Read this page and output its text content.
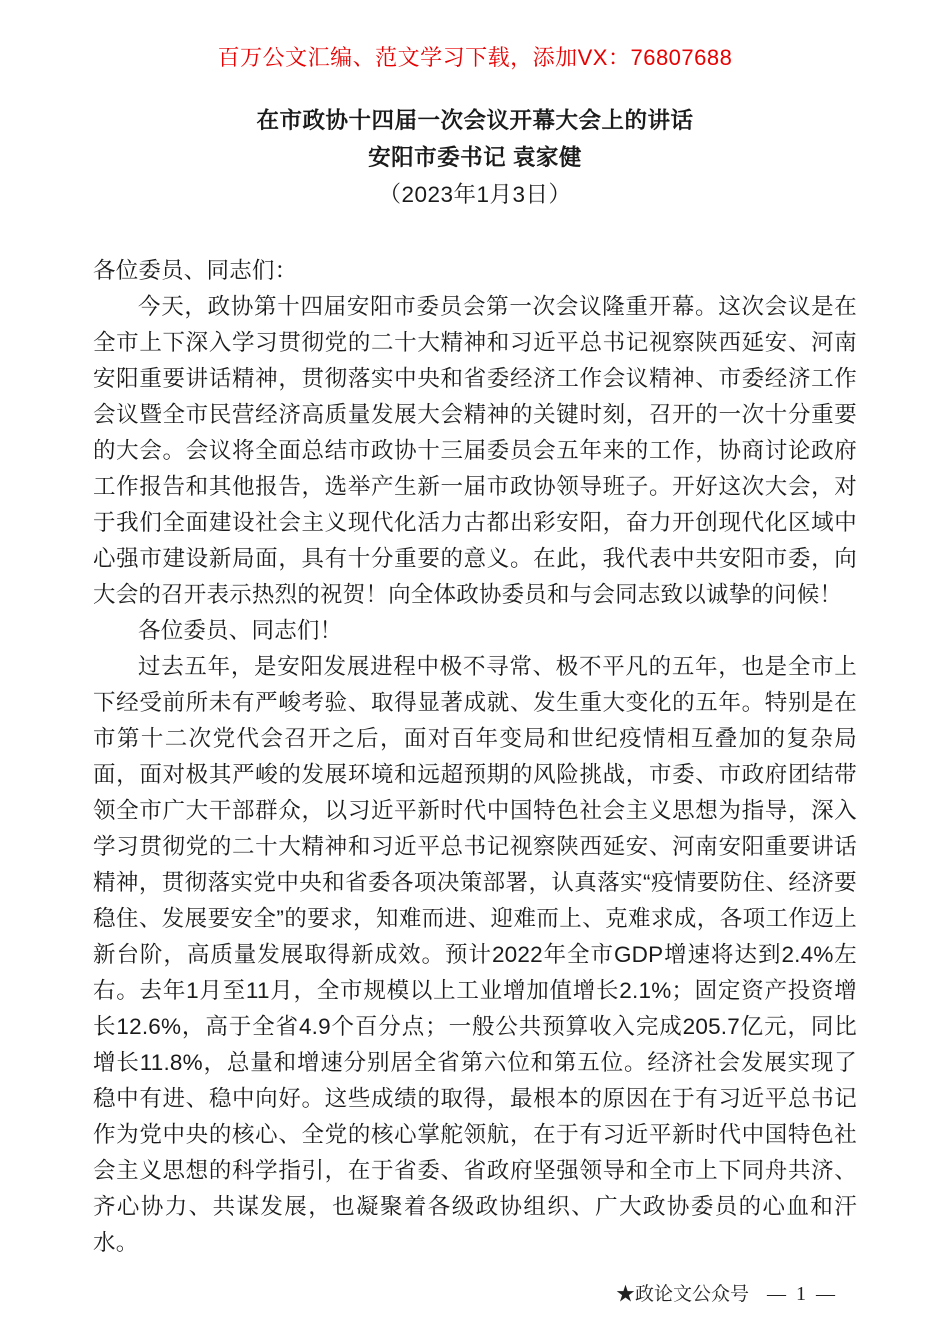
百万公文汇编、范文学习下载，添加VX：76807688
在市政协十四届一次会议开幕大会上的讲话
安阳市委书记 袁家健
（2023年1月3日）

各位委员、同志们：

今天，政协第十四届安阳市委员会第一次会议隆重开幕。这次会议是在全市上下深入学习贯彻党的二十大精神和习近平总书记视察陕西延安、河南安阳重要讲话精神，贯彻落实中央和省委经济工作会议精神、市委经济工作会议暨全市民营经济高质量发展大会精神的关键时刻，召开的一次十分重要的大会。会议将全面总结市政协十三届委员会五年来的工作，协商讨论政府工作报告和其他报告，选举产生新一届市政协领导班子。开好这次大会，对于我们全面建设社会主义现代化活力古都出彩安阳，奋力开创现代化区域中心强市建设新局面，具有十分重要的意义。在此，我代表中共安阳市委，向大会的召开表示热烈的祝贺！向全体政协委员和与会同志致以诚挚的问候！

各位委员、同志们！

过去五年，是安阳发展进程中极不寻常、极不平凡的五年，也是全市上下经受前所未有严峻考验、取得显著成就、发生重大变化的五年。特别是在市第十二次党代会召开之后，面对百年变局和世纪疫情相互叠加的复杂局面，面对极其严峻的发展环境和远超预期的风险挑战，市委、市政府团结带领全市广大干部群众，以习近平新时代中国特色社会主义思想为指导，深入学习贯彻党的二十大精神和习近平总书记视察陕西延安、河南安阳重要讲话精神，贯彻落实党中央和省委各项决策部署，认真落实“疫情要防住、经济要稳住、发展要安全”的要求，知难而进、迎难而上、克难求成，各项工作迈上新台阶，高质量发展取得新成效。预计2022年全市GDP增速将达到2.4%左右。去年1月至11月，全市规模以上工业增加值增长2.1%；固定资产投资增长12.6%，高于全省4.9个百分点；一般公共预算收入完成205.7亿元，同比增长11.8%，总量和增速分别居全省第六位和第五位。经济社会发展实现了稳中有进、稳中向好。这些成绩的取得，最根本的原因在于有习近平总书记作为党中央的核心、全党的核心掌舵领航，在于有习近平新时代中国特色社会主义思想的科学指引，在于省委、省政府坚强领导和全市上下同舟共济、齐心协力、共谋发展，也凝聚着各级政协组织、广大政协委员的心血和汗水。

★政论文公众号 — 1 —
